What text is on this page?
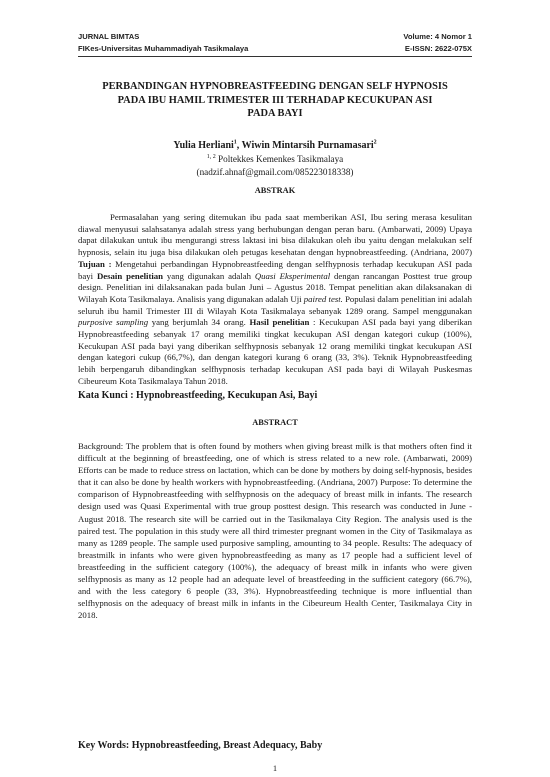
JURNAL BIMTAS	Volume: 4 Nomor 1
FIKes-Universitas Muhammadiyah Tasikmalaya	E-ISSN: 2622-075X
PERBANDINGAN HYPNOBREASTFEEDING DENGAN SELF HYPNOSIS
PADA IBU HAMIL TRIMESTER III TERHADAP KECUKUPAN ASI
PADA BAYI
Yulia Herliani$^1$, Wiwin Mintarsih Purnamasari$^2$
$^{1, 2}$ Poltekkes Kemenkes Tasikmalaya
(nadzif.ahnaf@gmail.com/085223018338)
ABSTRAK
Permasalahan yang sering ditemukan ibu pada saat memberikan ASI, Ibu sering merasa kesulitan diawal menyusui salahsatanya adalah stress yang berhubungan dengan peran baru. (Ambarwati, 2009) Upaya dapat dilakukan untuk ibu mengurangi stress laktasi ini bisa dilakukan oleh ibu yaitu dengan melakukan self hypnosis, selain itu juga bisa dilakukan oleh petugas kesehatan dengan hypnobreastfeeding. (Andriana, 2007) Tujuan : Mengetahui perbandingan Hypnobreastfeeding dengan selfhypnosis terhadap kecukupan ASI pada bayi Desain penelitian yang digunakan adalah Quasi Eksperimental dengan rancangan Posttest true group design. Penelitian ini dilaksanakan pada bulan Juni – Agustus 2018. Tempat penelitian akan dilaksanakan di Wilayah Kota Tasikmalaya. Analisis yang digunakan adalah Uji paired test. Populasi dalam penelitian ini adalah seluruh ibu hamil Trimester III di Wilayah Kota Tasikmalaya sebanyak 1289 orang. Sampel menggunakan purposive sampling yang berjumlah 34 orang. Hasil penelitian : Kecukupan ASI pada bayi yang diberikan Hypnobreastfeeding sebanyak 17 orang memiliki tingkat kecukupan ASI dengan kategori cukup (100%), Kecukupan ASI pada bayi yang diberikan selfhypnosis sebanyak 12 orang memiliki tingkat kecukupan ASI dengan kategori cukup (66,7%), dan dengan kategori kurang 6 orang (33, 3%). Teknik Hypnobreastfeeding lebih berpengaruh dibandingkan selfhypnosis terhadap kecukupan ASI pada bayi di Wilayah Puskesmas Cibeureum Kota Tasikmalaya Tahun 2018.
Kata Kunci : Hypnobreastfeeding, Kecukupan Asi, Bayi
ABSTRACT
Background: The problem that is often found by mothers when giving breast milk is that mothers often find it difficult at the beginning of breastfeeding, one of which is stress related to a new role. (Ambarwati, 2009) Efforts can be made to reduce stress on lactation, which can be done by mothers by doing self-hypnosis, besides that it can also be done by health workers with hypnobreastfeeding. (Andriana, 2007) Purpose: To determine the comparison of Hypnobreastfeeding with selfhypnosis on the adequacy of breast milk in infants. The research design used was Quasi Experimental with true group posttest design. This research was conducted in June - August 2018. The research site will be carried out in the Tasikmalaya City Region. The analysis used is the paired test. The population in this study were all third trimester pregnant women in the City of Tasikmalaya as many as 1289 people. The sample used purposive sampling, amounting to 34 people. Results: The adequacy of breastmilk in infants who were given hypnobreastfeeding as many as 17 people had a sufficient level of breastfeeding in the sufficient category (100%), the adequacy of breast milk in infants who were given selfhypnosis as many as 12 people had an adequate level of breastfeeding in the sufficient category (66.7%), and with the less category 6 people (33, 3%). Hypnobreastfeeding technique is more influential than selfhypnosis on the adequacy of breast milk in infants in the Cibeureum Health Center, Tasikmalaya City in 2018.
Key Words: Hypnobreastfeeding, Breast Adequacy, Baby
1
